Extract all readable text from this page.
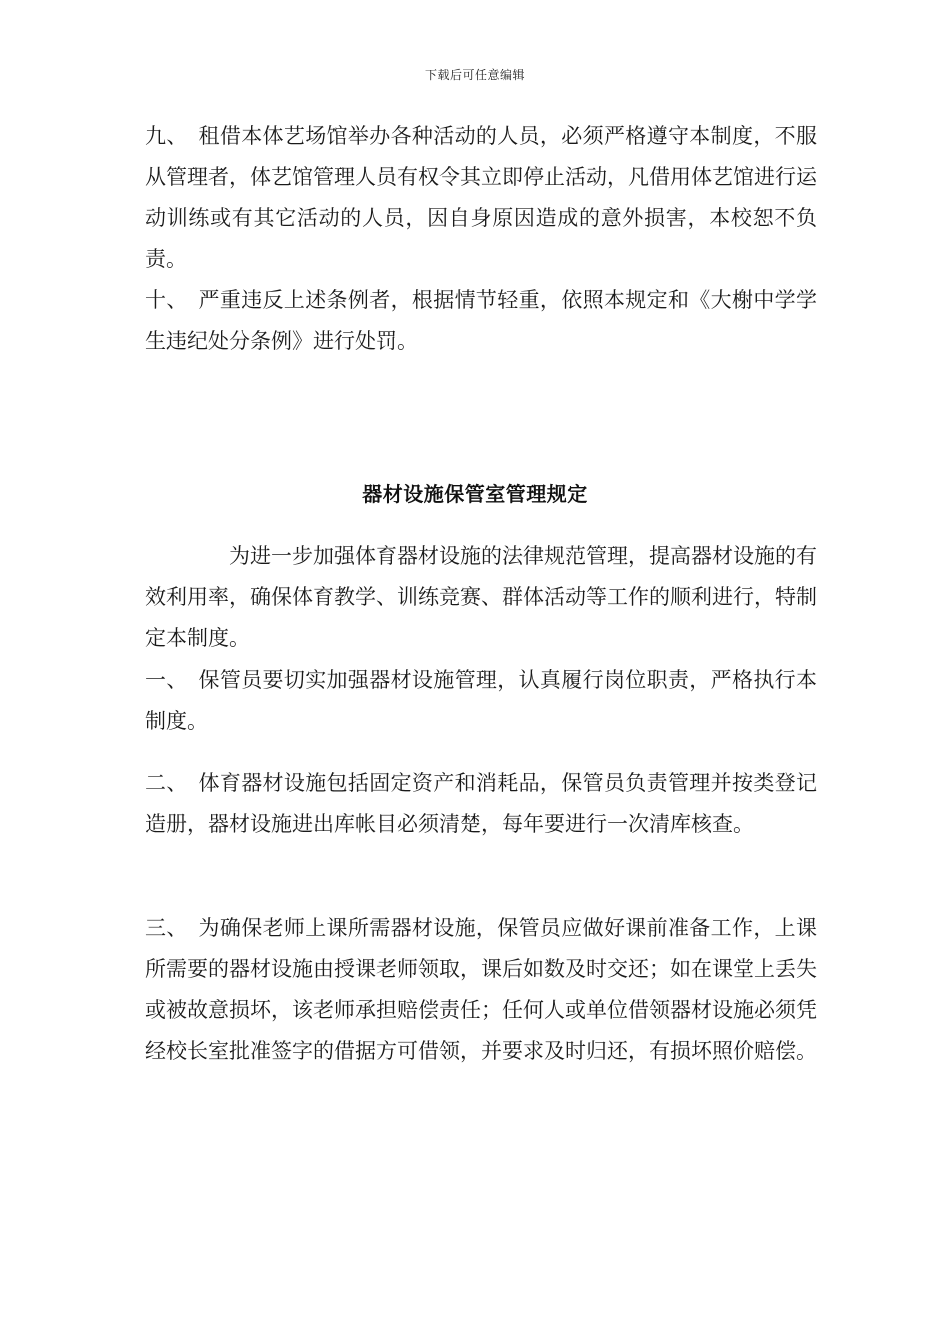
下载后可任意编辑

九、　租借本体艺场馆举办各种活动的人员，必须严格遵守本制度，不服从管理者，体艺馆管理人员有权令其立即停止活动，凡借用体艺馆进行运动训练或有其它活动的人员，因自身原因造成的意外损害，本校恕不负责。

十、　严重违反上述条例者，根据情节轻重，依照本规定和《大榭中学学生违纪处分条例》进行处罚。

器材设施保管室管理规定

为进一步加强体育器材设施的法律规范管理，提高器材设施的有效利用率，确保体育教学、训练竞赛、群体活动等工作的顺利进行，特制定本制度。

一、　保管员要切实加强器材设施管理，认真履行岗位职责，严格执行本制度。

二、　体育器材设施包括固定资产和消耗品，保管员负责管理并按类登记造册，器材设施进出库帐目必须清楚，每年要进行一次清库核查。

三、　为确保老师上课所需器材设施，保管员应做好课前准备工作，上课所需要的器材设施由授课老师领取，课后如数及时交还；如在课堂上丢失或被故意损坏，该老师承担赔偿责任；任何人或单位借领器材设施必须凭经校长室批准签字的借据方可借领，并要求及时归还，有损坏照价赔偿。
